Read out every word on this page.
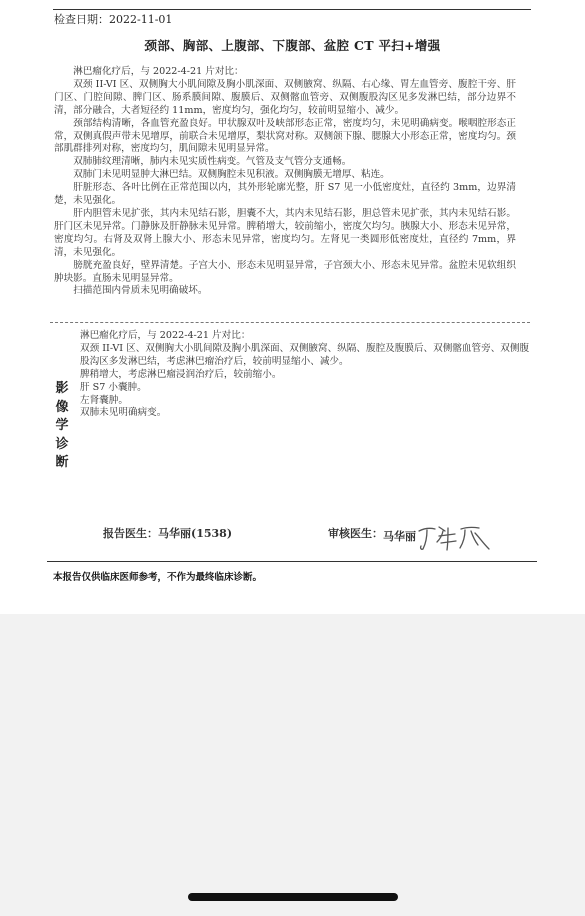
检查日期：2022-11-01
颈部、胸部、上腹部、下腹部、盆腔 CT 平扫+增强

淋巴瘤化疗后，与 2022-4-21 片对比：

双颈 II-VI 区、双侧胸大小肌间隙及胸小肌深面、双侧腋窝、纵隔、右心缘、胃左血管旁、腹腔干旁、肝门区、门腔间隙、脾门区、肠系膜间隙、腹膜后、双侧髂血管旁、双侧腹股沟区见多发淋巴结，部分边界不清，部分融合，大者短径约 11mm，密度均匀，强化均匀，较前明显缩小、减少。

颈部结构清晰，各血管充盈良好。甲状腺双叶及峡部形态正常，密度均匀，未见明确病变。喉咽腔形态正常，双侧真假声带未见增厚，前联合未见增厚，梨状窝对称。双侧颌下腺、腮腺大小形态正常，密度均匀。颈部肌群排列对称，密度均匀，肌间隙未见明显异常。

双肺肺纹理清晰，肺内未见实质性病变。气管及支气管分支通畅。

双肺门未见明显肿大淋巴结。双侧胸腔未见积液。双侧胸膜无增厚、粘连。

肝脏形态、各叶比例在正常范围以内，其外形轮廓光整，肝 S7 见一小低密度灶，直径约 3mm，边界清楚，未见强化。

肝内胆管未见扩张，其内未见结石影，胆囊不大，其内未见结石影，胆总管未见扩张，其内未见结石影。肝门区未见异常。门静脉及肝静脉未见异常。脾稍增大，较前缩小，密度欠均匀。胰腺大小、形态未见异常，密度均匀。右肾及双肾上腺大小、形态未见异常，密度均匀。左肾见一类圆形低密度灶，直径约 7mm，界清，未见强化。

膀胱充盈良好，壁界清楚。子宫大小、形态未见明显异常，子宫颈大小、形态未见异常。盆腔未见软组织肿块影。直肠未见明显异常。

扫描范围内骨质未见明确破坏。

影
像
学
诊
断

淋巴瘤化疗后，与 2022-4-21 片对比：

双颈 II-VI 区、双侧胸大小肌间隙及胸小肌深面、双侧腋窝、纵隔、腹腔及腹膜后、双侧髂血管旁、双侧腹股沟区多发淋巴结，考虑淋巴瘤治疗后，较前明显缩小、减少。

脾稍增大，考虑淋巴瘤浸润治疗后，较前缩小。

肝 S7 小囊肿。

左肾囊肿。

双肺未见明确病变。

报告医生：马华丽(1538)	审核医生： 马华丽
本报告仅供临床医师参考，不作为最终临床诊断。
